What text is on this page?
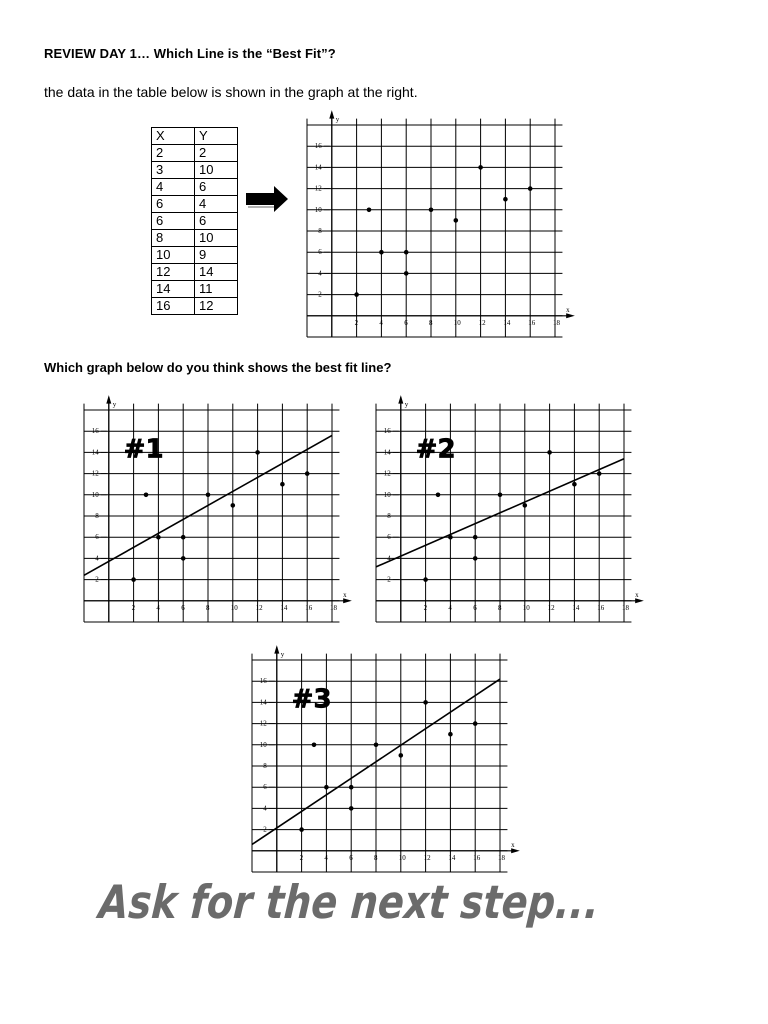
REVIEW DAY 1… Which Line is the “Best Fit”?
the data in the table below is shown in the graph at the right.
X	Y
2	2
3	10
4	6
6	4
6	6
8	10
10	9
12	14
14	11
16	12
y
x
2	4	6	8	10	12	14	16	18
2
4
6
8
10
12
14
16
Which graph below do you think shows the best fit line?
y
x
2	4	6	8	10	12	14	16	18
2
4
6
8
10
12
14
16
#1
y
x
2	4	6	8	10	12	14	16	18
2
4
6
8
10
12
14
16
#2
y
x
2	4	6	8	10	12	14	16	18
2
4
6
8
10
12
14
16
#3
Ask for the next step...
